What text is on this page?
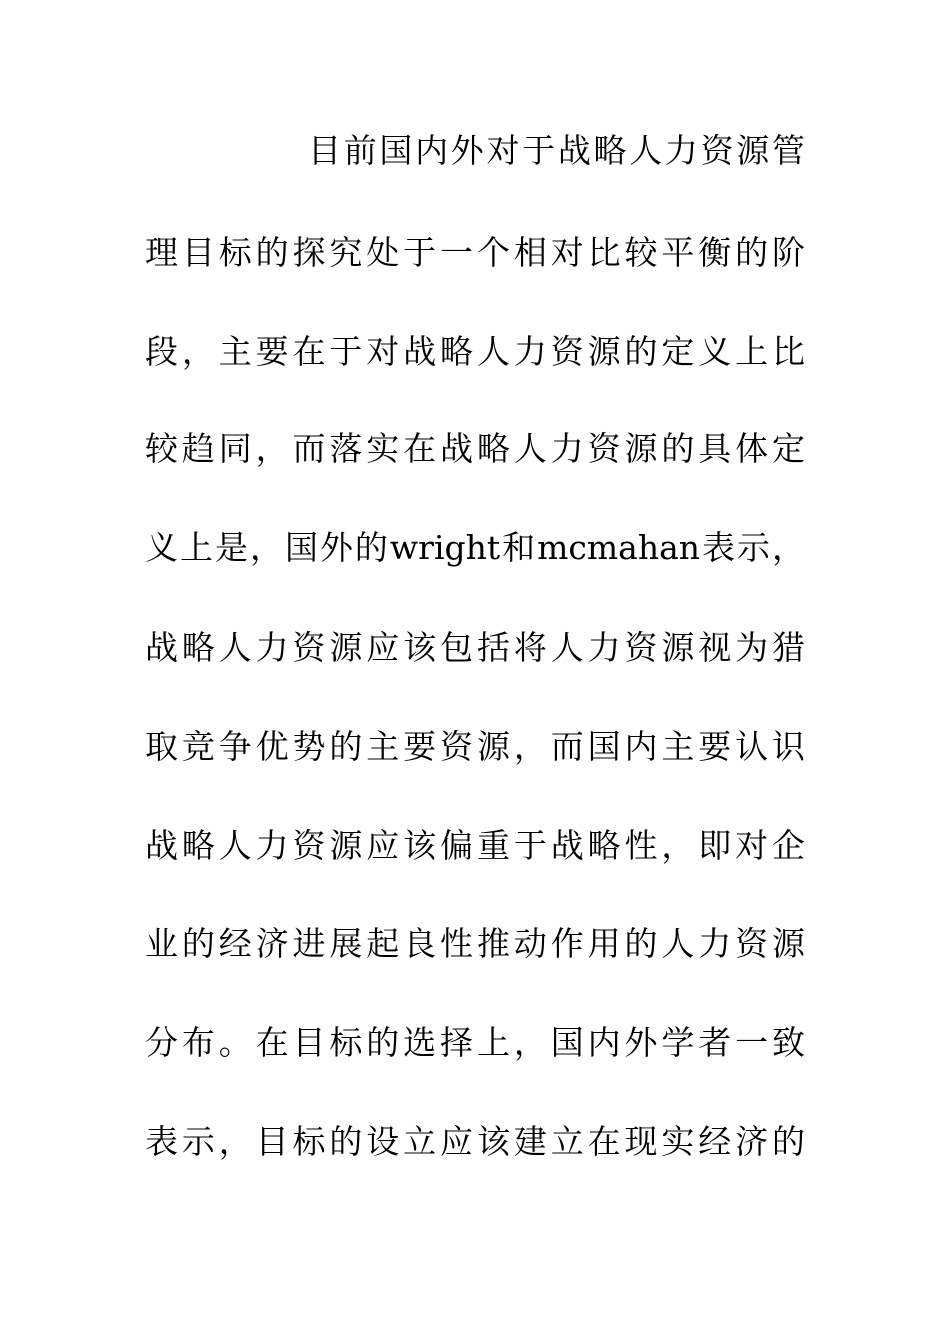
目前国内外对于战略人力资源管
理目标的探究处于一个相对比较平衡的阶
段，主要在于对战略人力资源的定义上比
较趋同，而落实在战略人力资源的具体定
义上是，国外的wright和mcmahan表示，
战略人力资源应该包括将人力资源视为猎
取竞争优势的主要资源，而国内主要认识
战略人力资源应该偏重于战略性，即对企
业的经济进展起良性推动作用的人力资源
分布。在目标的选择上，国内外学者一致
表示，目标的设立应该建立在现实经济的
